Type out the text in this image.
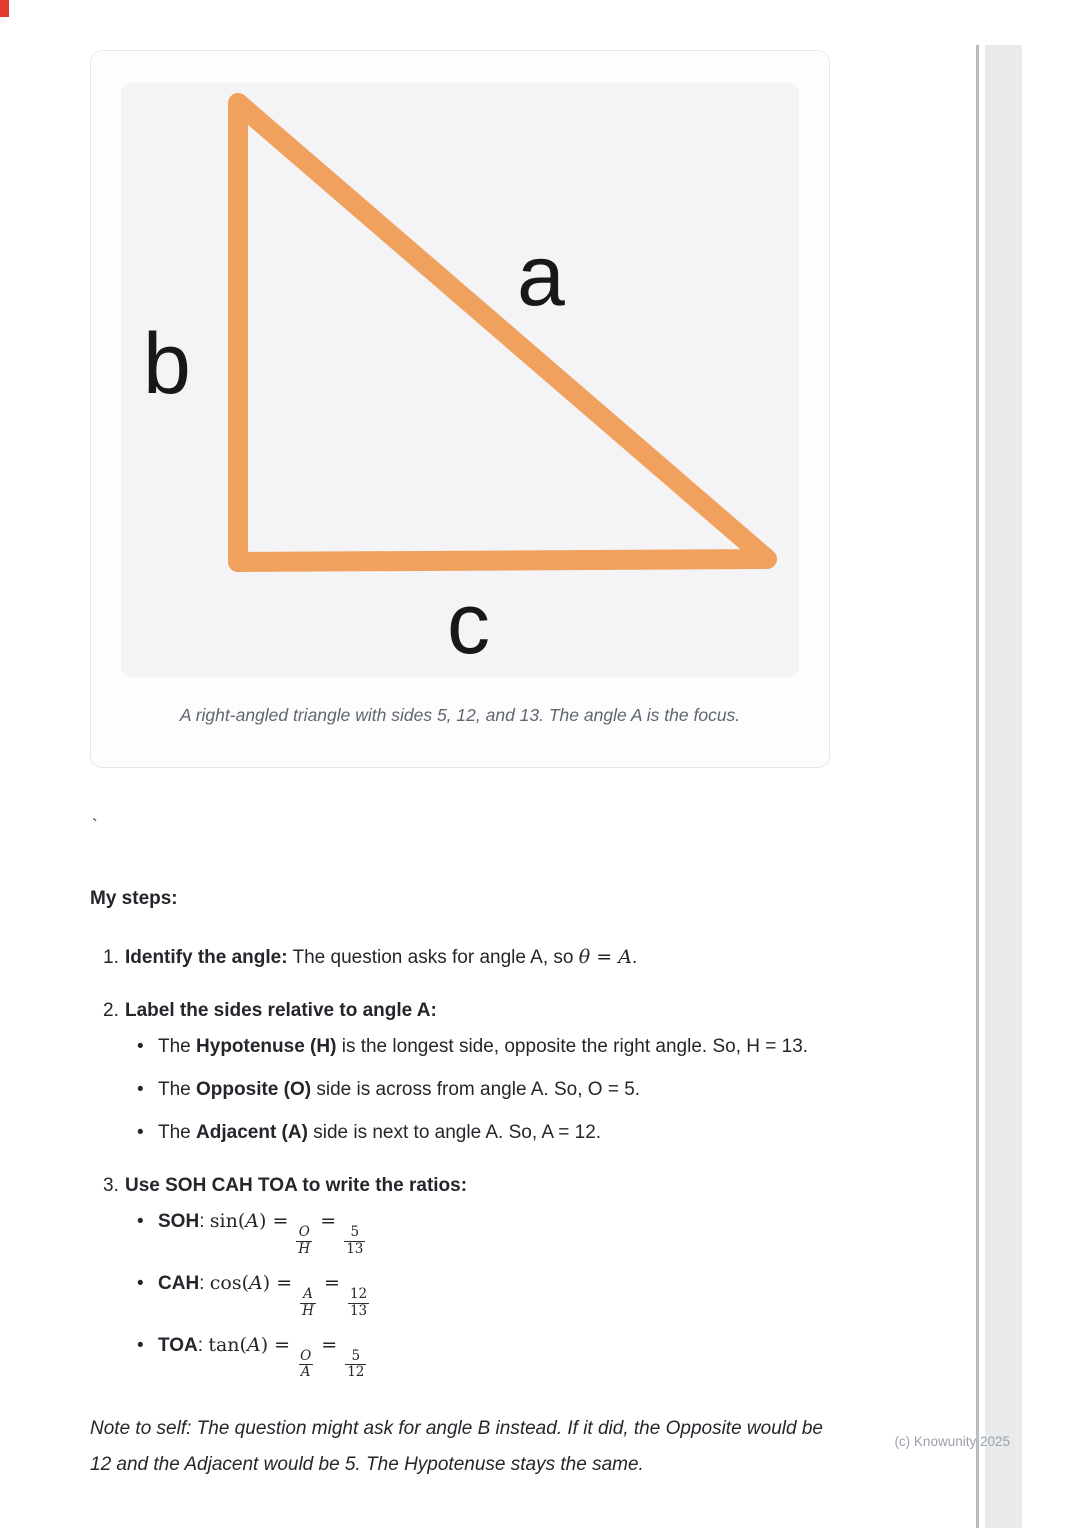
a
b
c
A right-angled triangle with sides 5, 12, and 13. The angle A is the focus.
`

My steps:

1. Identify the angle: The question asks for angle A, so θ = A.
2. Label the sides relative to angle A:
• The Hypotenuse (H) is the longest side, opposite the right angle. So, H = 13.
• The Opposite (O) side is across from angle A. So, O = 5.
• The Adjacent (A) side is next to angle A. So, A = 12.
3. Use SOH CAH TOA to write the ratios:
• SOH: sin(A) =
$\frac{O}{H}$
=
$\frac{5}{13}$
• CAH: cos(A) =
$\frac{A}{H}$
=
$\frac{12}{13}$
• TOA: tan(A) =
$\frac{O}{A}$
=
$\frac{5}{12}$

Note to self: The question might ask for angle B instead. If it did, the Opposite would be 12 and the Adjacent would be 5. The Hypotenuse stays the same.

(c) Knowunity 2025
